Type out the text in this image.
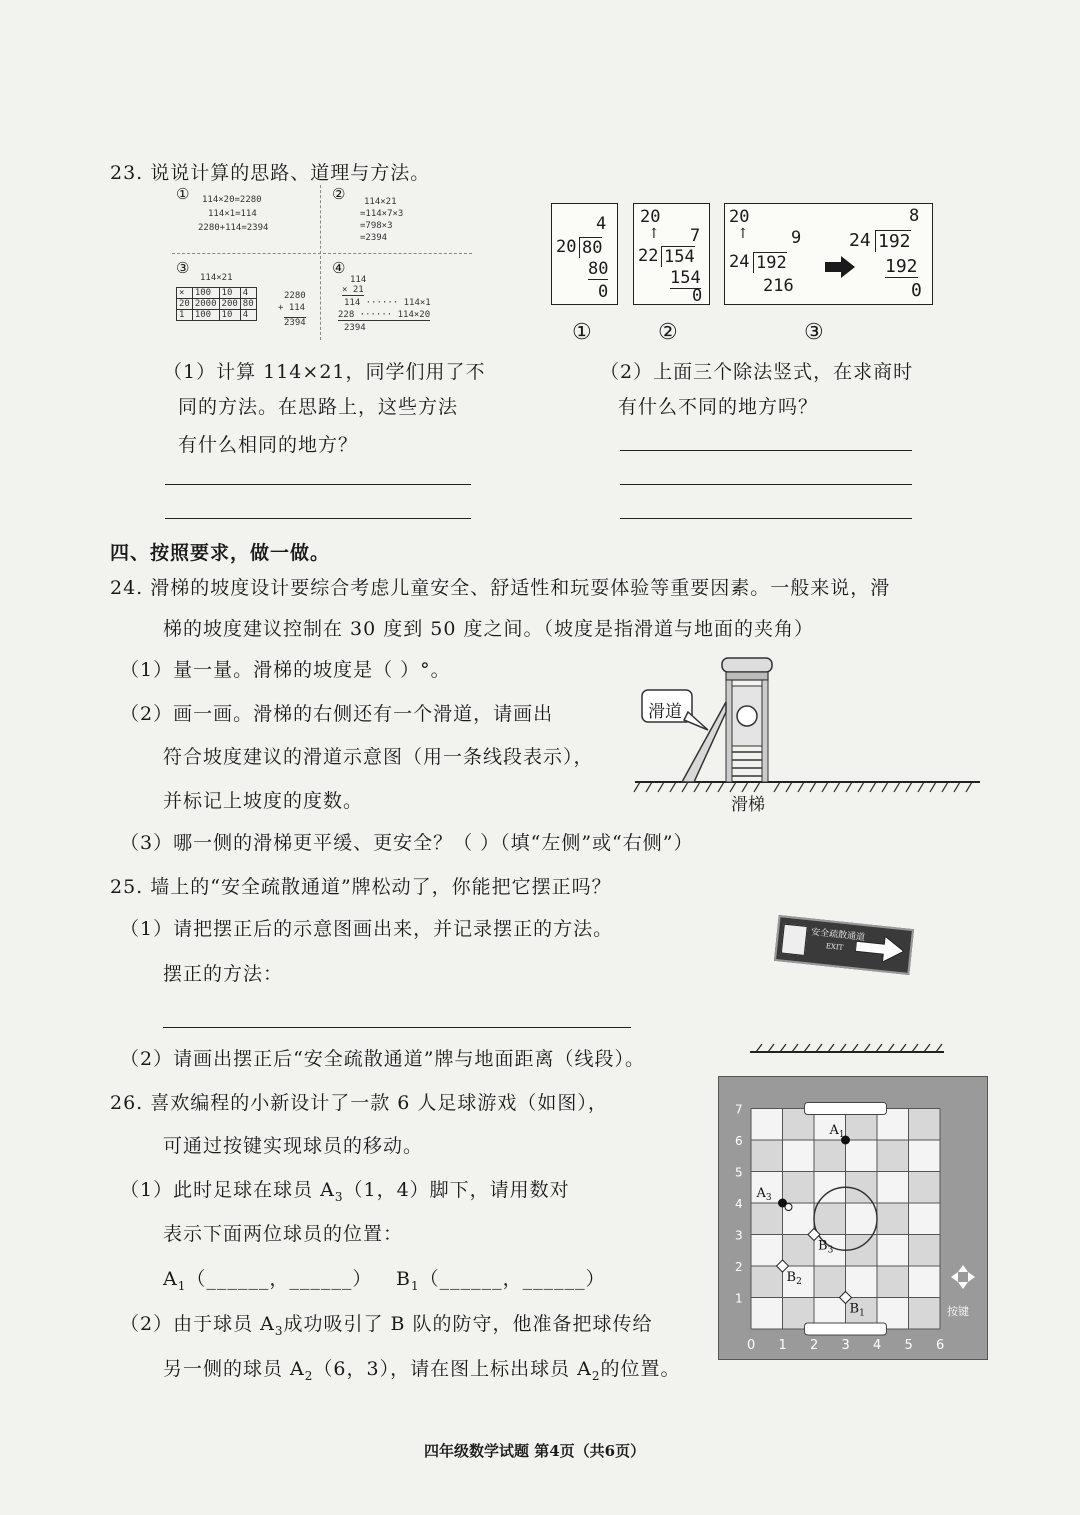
23. 说说计算的思路、道理与方法。
① 114×20=2280
114×1=114
2280+114=2394
② 114×21
=114×7×3
=798×3
=2394
③
114×21
×	100	10	4
20	2000	200	80
1	100	10	4
2280
+ 114
2394
④
114
× 21
114 ······ 114×1
228 ······ 114×20
2394
4
20 80
80
0
20
↑ 7
22 154
154
0
20
↑ 9
24 192
216
8
24 192
192
0
①	②	③
（1）计算 114×21，同学们用了不
同的方法。在思路上，这些方法
有什么相同的地方？
（2）上面三个除法竖式，在求商时
有什么不同的地方吗？
四、按照要求，做一做。
24. 滑梯的坡度设计要综合考虑儿童安全、舒适性和玩耍体验等重要因素。一般来说，滑
梯的坡度建议控制在 30 度到 50 度之间。（坡度是指滑道与地面的夹角）
（1）量一量。滑梯的坡度是（ ）°。
（2）画一画。滑梯的右侧还有一个滑道，请画出
符合坡度建议的滑道示意图（用一条线段表示），
并标记上坡度的度数。
（3）哪一侧的滑梯更平缓、更安全？（ ）（填“左侧”或“右侧”）
滑道
滑梯
25. 墙上的“安全疏散通道”牌松动了，你能把它摆正吗？
（1）请把摆正后的示意图画出来，并记录摆正的方法。
摆正的方法：
（2）请画出摆正后“安全疏散通道”牌与地面距离（线段）。
安全疏散通道
EXIT
26. 喜欢编程的小新设计了一款 6 人足球游戏（如图），
可通过按键实现球员的移动。
（1）此时足球在球员 $A_3(1$，4）脚下，请用数对
表示下面两位球员的位置：
$A_1(\_\_\_\_\_\_$，______） $B_1(\_\_\_\_\_\_$，______）
（2）由于球员 $A_3$成功吸引了 B 队的防守，他准备把球传给
另一侧的球员 $A_2(6$，3），请在图上标出球员 $A_2$的位置。
0 1 2 3 4 5 6
1
2
3
4
5
6
7
$A_1$
$A_3$
$B_3$
$B_2$
$B_1$	按键
四年级数学试题 第4页（共6页）
